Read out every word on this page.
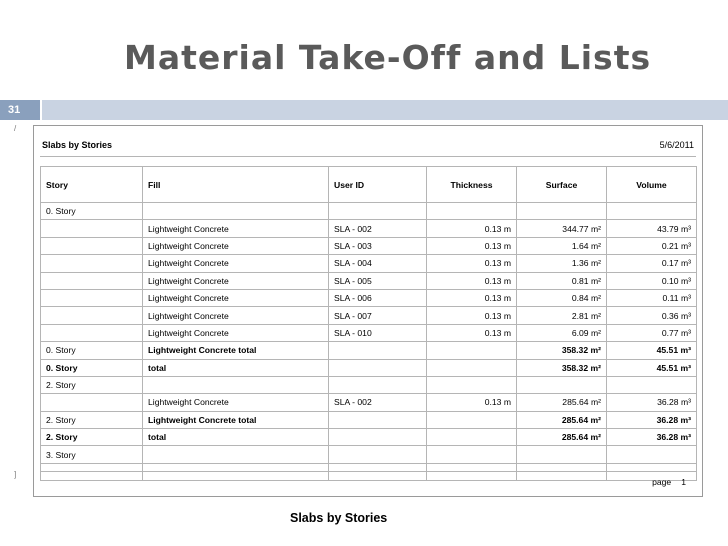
Material Take-Off and Lists
31
/
]
Slabs by Stories	5/6/2011
Story	Fill	User ID	Thickness	Surface	Volume
0. Story					
	Lightweight Concrete	SLA - 002	0.13 m	344.77 m²	43.79 m³
	Lightweight Concrete	SLA - 003	0.13 m	1.64 m²	0.21 m³
	Lightweight Concrete	SLA - 004	0.13 m	1.36 m²	0.17 m³
	Lightweight Concrete	SLA - 005	0.13 m	0.81 m²	0.10 m³
	Lightweight Concrete	SLA - 006	0.13 m	0.84 m²	0.11 m³
	Lightweight Concrete	SLA - 007	0.13 m	2.81 m²	0.36 m³
	Lightweight Concrete	SLA - 010	0.13 m	6.09 m²	0.77 m³
0. Story	Lightweight Concrete total			358.32 m²	45.51 m³
0. Story	total			358.32 m²	45.51 m³
2. Story					
	Lightweight Concrete	SLA - 002	0.13 m	285.64 m²	36.28 m³
2. Story	Lightweight Concrete total			285.64 m²	36.28 m³
2. Story	total			285.64 m²	36.28 m³
3. Story					

page 1
Slabs by Stories
